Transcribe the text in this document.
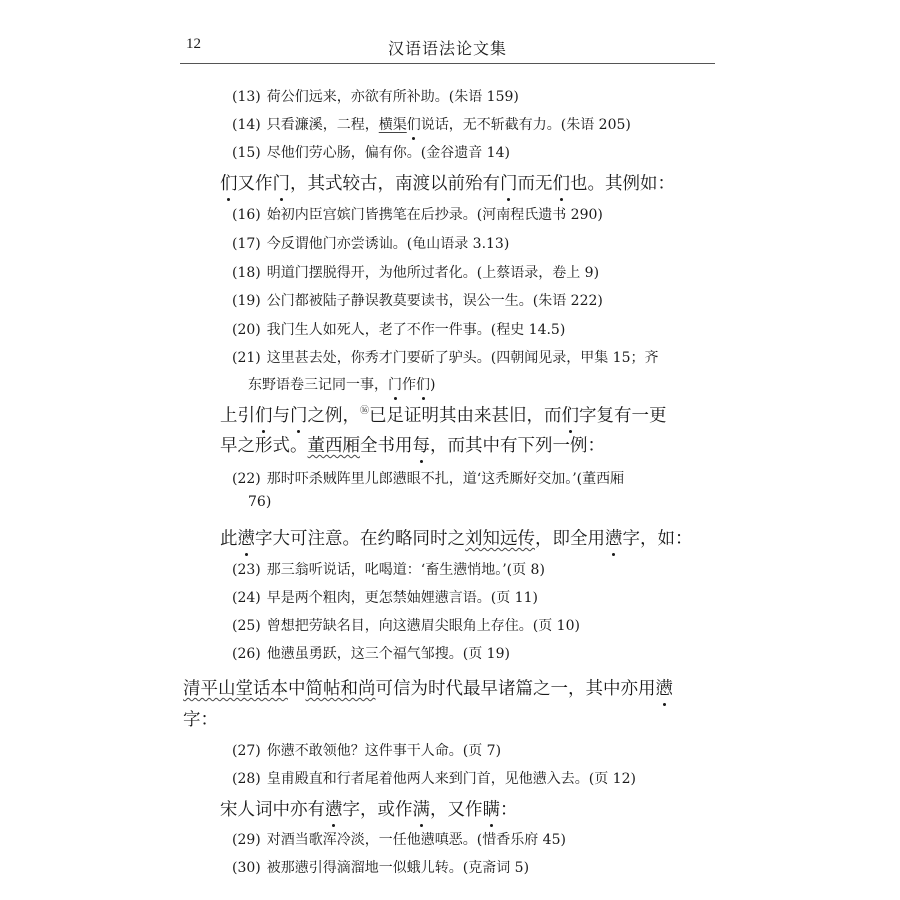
12	汉语语法论文集
(13) 荷公们远来，亦欲有所补助。(朱语 159)
(14) 只看濂溪，二程，横渠们说话，无不斩截有力。(朱语 205)
(15) 尽他们劳心肠，偏有你。(金谷遗音 14)
们又作门，其式较古，南渡以前殆有门而无们也。其例如：
(16) 始初内臣宫嫔门皆携笔在后抄录。(河南程氏遗书 290)
(17) 今反谓他门亦尝诱讪。(龟山语录 3.13)
(18) 明道门摆脱得开，为他所过者化。(上蔡语录，卷上 9)
(19) 公门都被陆子静误教莫要读书，误公一生。(朱语 222)
(20) 我门生人如死人，老了不作一件事。(程史 14.5)
(21) 这里甚去处，你秀才门要斫了驴头。(四朝闻见录，甲集 15；齐
东野语卷三记同一事，门作们)
上引们与门之例，⑯已足证明其由来甚旧，而们字复有一更
早之形式。董西厢全书用每，而其中有下列一例：
(22) 那时吓杀贼阵里儿郎懑眼不扎，道‘这秃厮好交加。’(董西厢
76)
此懑字大可注意。在约略同时之刘知远传，即全用懑字，如：
(23) 那三翁听说话，叱喝道：‘畜生懑悄地。’(页 8)
(24) 早是两个粗肉，更怎禁妯娌懑言语。(页 11)
(25) 曾想把劳缺名目，向这懑眉尖眼角上存住。(页 10)
(26) 他懑虽勇跃，这三个福气邹搜。(页 19)
清平山堂话本中简帖和尚可信为时代最早诸篇之一，其中亦用懑
字：
(27) 你懑不敢领他？这件事干人命。(页 7)
(28) 皇甫殿直和行者尾着他两人来到门首，见他懑入去。(页 12)
宋人词中亦有懑字，或作满，又作瞒：
(29) 对酒当歌浑冷淡，一任他懑嗔恶。(惜香乐府 45)
(30) 被那懑引得滴溜地一似蛾儿转。(克斋词 5)
